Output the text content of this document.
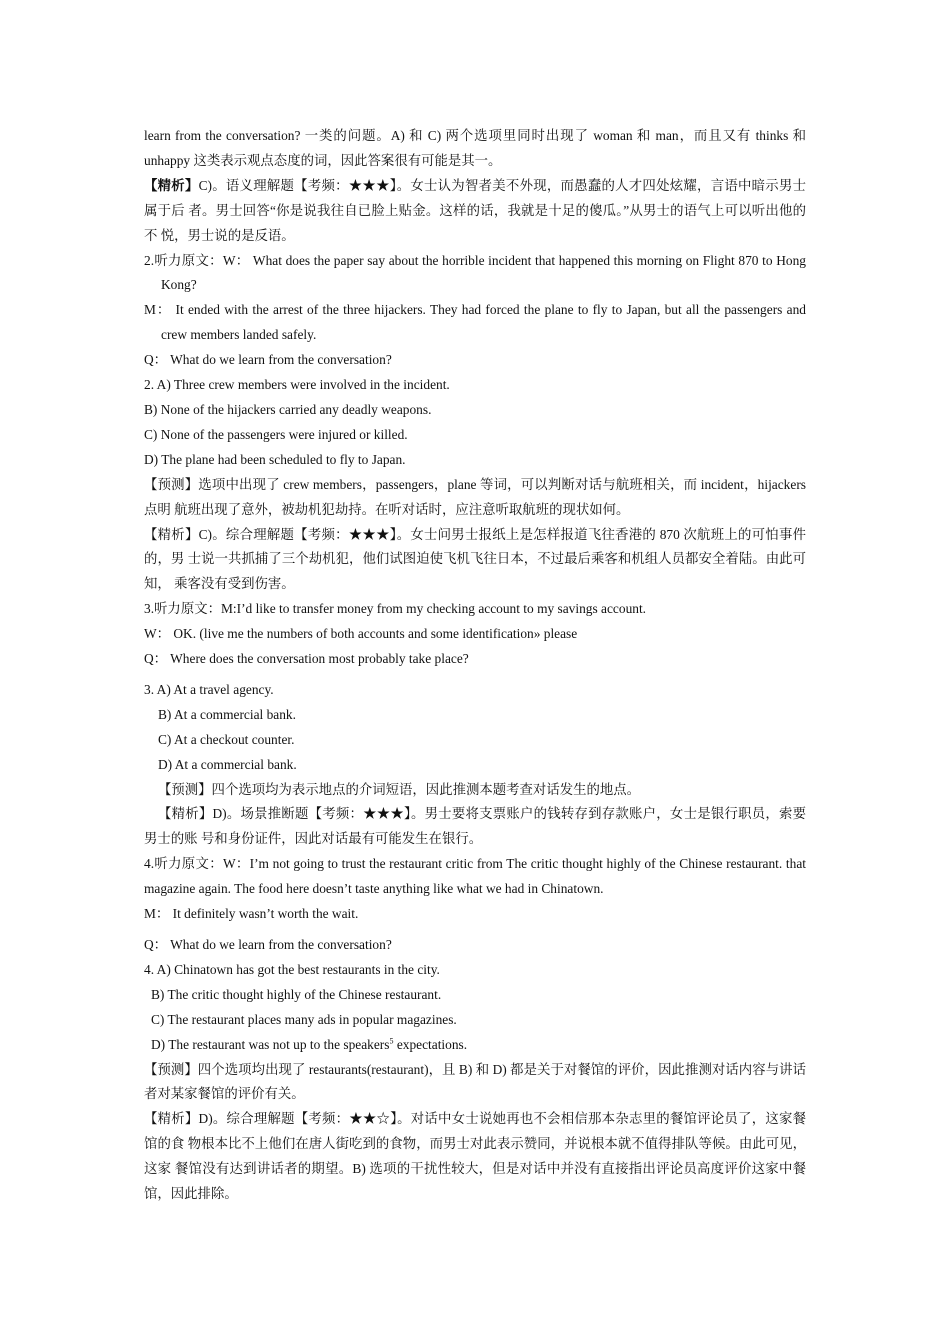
learn from the conversation? 一类的问题。A) 和 C) 两个选项里同时出现了 woman 和 man，而且又有 thinks 和 unhappy 这类表示观点态度的词，因此答案很有可能是其一。

【精析】C)。语义理解题【考频：★★★】。女士认为智者美不外现，而愚蠢的人才四处炫耀，言语中暗示男士属于后 者。男士回答“你是说我往自已脸上贴金。这样的话，我就是十足的傻瓜。”从男士的语气上可以听出他的不 悦，男士说的是反语。

2.听力原文：W： What does the paper say about the horrible incident that happened this morning on Flight 870 to Hong Kong?

M： It ended with the arrest of the three hijackers. They had forced the plane to fly to Japan, but all the passengers and crew members landed safely.

Q： What do we learn from the conversation?

2. A) Three crew members were involved in the incident.

B) None of the hijackers carried any deadly weapons.

C) None of the passengers were injured or killed.

D) The plane had been scheduled to fly to Japan.

【预测】选项中出现了 crew members，passengers，plane 等词，可以判断对话与航班相关，而 incident，hijackers 点明 航班出现了意外，被劫机犯劫持。在听对话时，应注意听取航班的现状如何。

【精析】C)。综合理解题【考频：★★★】。女士问男士报纸上是怎样报道飞往香港的 870 次航班上的可怕事件的，男 士说一共抓捕了三个劫机犯，他们试图迫使飞机飞往日本，不过最后乘客和机组人员都安全着陆。由此可知， 乘客没有受到伤害。

3.听力原文：M:I’d like to transfer money from my checking account to my savings account.

W： OK. (live me the numbers of both accounts and some identification» please

Q： Where does the conversation most probably take place?

3. A) At a travel agency.

B) At a commercial bank.

C) At a checkout counter.

D) At a commercial bank.

【预测】四个选项均为表示地点的介词短语，因此推测本题考查对话发生的地点。

【精析】D)。场景推断题【考频：★★★】。男士要将支票账户的钱转存到存款账户，女士是银行职员，索要男士的账 号和身份证件，因此对话最有可能发生在银行。

4.听力原文：W：I’m not going to trust the restaurant critic from The critic thought highly of the Chinese restaurant. that magazine again. The food here doesn’t taste anything like what we had in Chinatown.

M： It definitely wasn’t worth the wait.

Q： What do we learn from the conversation?

4. A) Chinatown has got the best restaurants in the city.

B) The critic thought highly of the Chinese restaurant.

C) The restaurant places many ads in popular magazines.

D) The restaurant was not up to the speakers$^5$ expectations.

【预测】四个选项均出现了 restaurants(restaurant)，且 B) 和 D) 都是关于对餐馆的评价，因此推测对话内容与讲话者对某家餐馆的评价有关。

【精析】D)。综合理解题【考频：★★☆】。对话中女士说她再也不会相信那本杂志里的餐馆评论员了，这家餐馆的食 物根本比不上他们在唐人街吃到的食物，而男士对此表示赞同，并说根本就不值得排队等候。由此可见，这家 餐馆没有达到讲话者的期望。B) 选项的干扰性较大，但是对话中并没有直接指出评论员高度评价这家中餐馆，因此排除。
